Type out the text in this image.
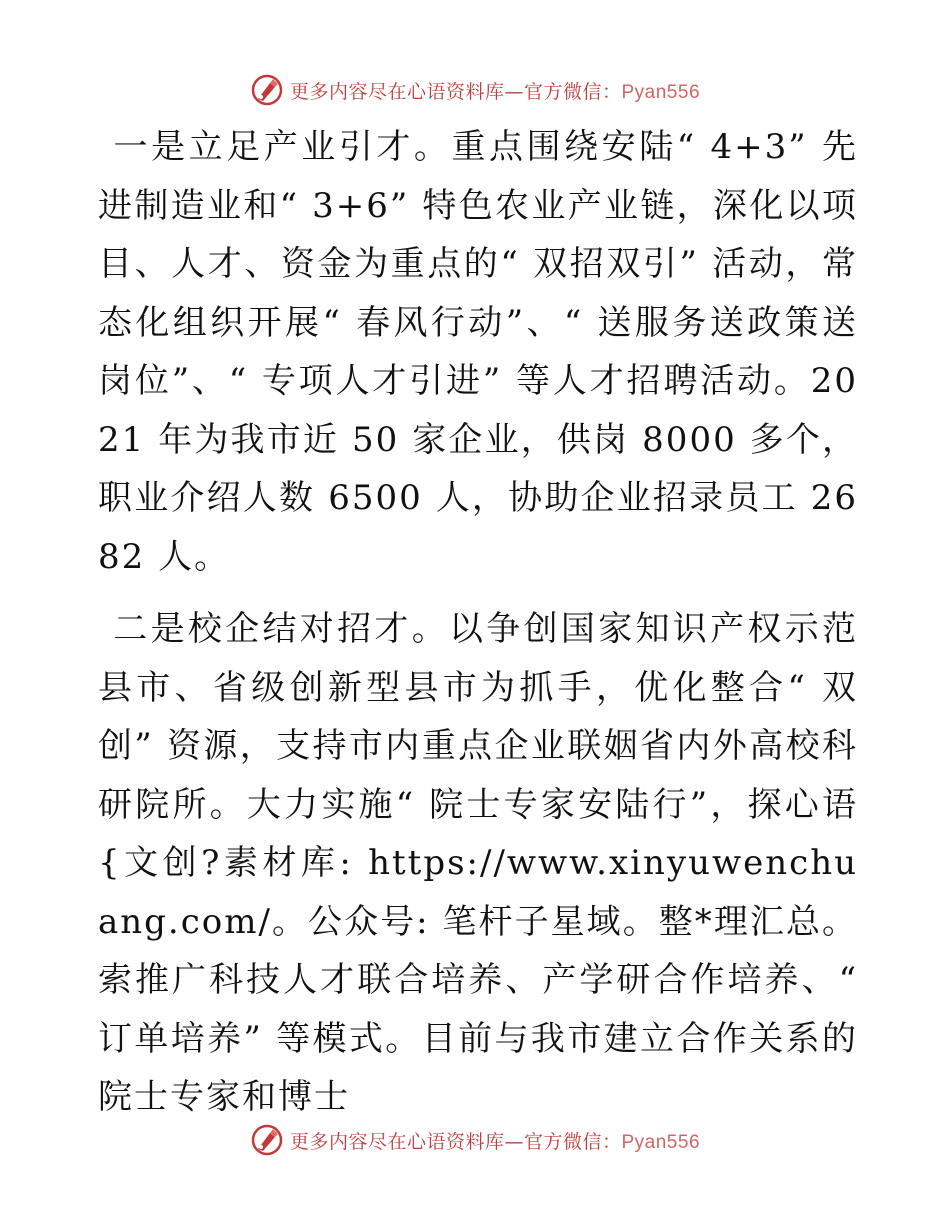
更多内容尽在心语资料库—官方微信：Pyan556

一是立足产业引才。重点围绕安陆“ 4+3” 先进制造业和“ 3+6” 特色农业产业链，深化以项目、人才、资金为重点的“ 双招双引” 活动，常态化组织开展“ 春风行动”、“ 送服务送政策送岗位”、“ 专项人才引进” 等人才招聘活动。2021 年为我市近 50 家企业，供岗 8000 多个，职业介绍人数 6500 人，协助企业招录员工 2682 人。

二是校企结对招才。以争创国家知识产权示范县市、省级创新型县市为抓手，优化整合“ 双创” 资源，支持市内重点企业联姻省内外高校科研院所。大力实施“ 院士专家安陆行”，探心语{文创?素材库: https://www.xinyuwenchuang.com/。公众号: 笔杆子星域。整*理汇总。索推广科技人才联合培养、产学研合作培养、“ 订单培养” 等模式。目前与我市建立合作关系的院士专家和博士

更多内容尽在心语资料库—官方微信：Pyan556
